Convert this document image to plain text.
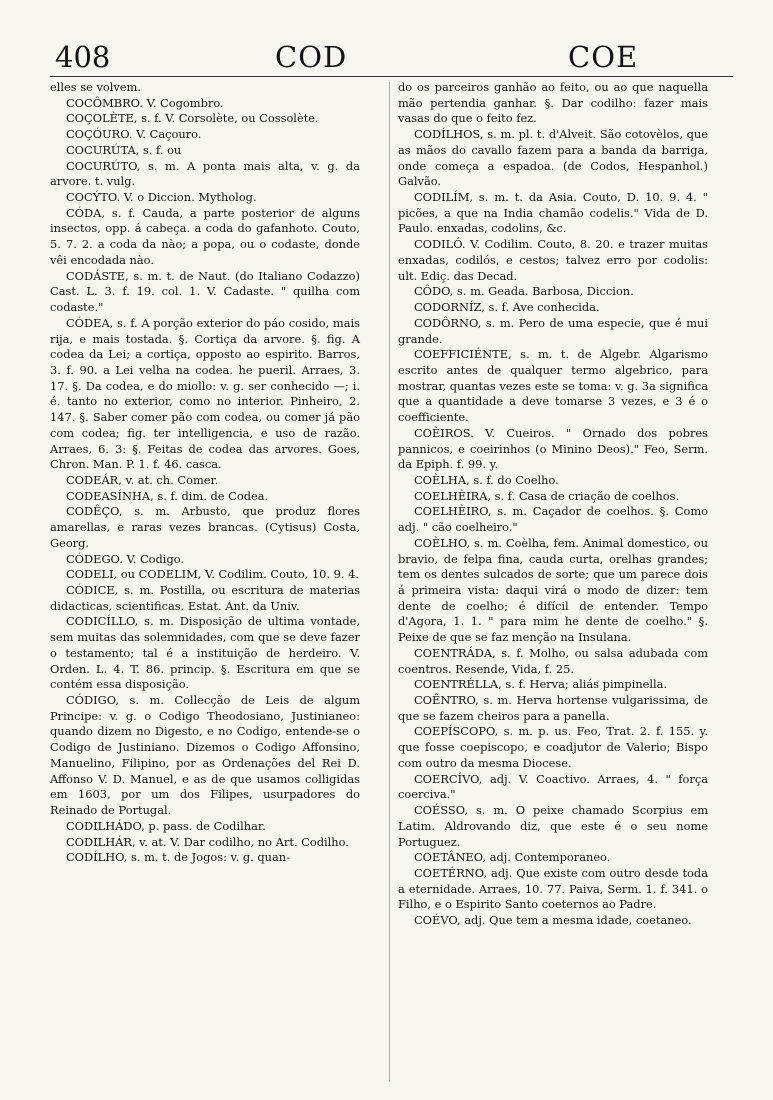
408	COD	COE

elles se volvem.

COCÔMBRO. V. Cogombro.

COÇOLÈTE, s. f. V. Corsolète, ou Cossolète.

COÇÓURO. V. Caçouro.

COCURÚTA, s. f. ou

COCURÚTO, s. m. A ponta mais alta, v. g. da arvore. t. vulg.

COCÝTO. V. o Diccion. Mytholog.

CÓDA, s. f. Cauda, a parte posterior de alguns insectos, opp. á cabeça. a coda do gafanhoto. Couto, 5. 7. 2. a coda da nào; a popa, ou o codaste, donde vêi encodada nào.

CODÁSTE, s. m. t. de Naut. (do Italiano Codazzo) Cast. L. 3. f. 19. col. 1. V. Cadaste. " quilha com codaste."

CÓDEA, s. f. A porção exterior do páo cosido, mais rija, e mais tostada. §. Cortiça da arvore. §. fig. A codea da Lei; a cortiça, opposto ao espirito. Barros, 3. f. 90. a Lei velha na codea. he pueril. Arraes, 3. 17. §. Da codea, e do miollo: v. g. ser conhecido —; i. é. tanto no exterior, como no interior. Pinheiro, 2. 147. §. Saber comer pão com codea, ou comer já pão com codea; fig. ter intelligencia, e uso de razão. Arraes, 6. 3: §. Feitas de codea das arvores. Goes, Chron. Man. P. 1. f. 46. casca.

CODEÁR, v. at. ch. Comer.

CODEASÍNHA, s. f. dim. de Codea.

CODÊÇO, s. m. Arbusto, que produz flores amarellas, e raras vezes brancas. (Cytisus) Costa, Georg.

CÓDEGO. V. Codigo.

CODELI, ou CODELIM, V. Codilim. Couto, 10. 9. 4.

CÓDICE, s. m. Postilla, ou escritura de materias didacticas, scientificas. Estat. Ant. da Univ.

CODICÍLLO, s. m. Disposição de ultima vontade, sem muitas das solemnidades, com que se deve fazer o testamento; tal é a instituição de herdeiro. V. Orden. L. 4. T. 86. princip. §. Escritura em que se contém essa disposição.

CÓDIGO, s. m. Collecção de Leis de algum Principe: v. g. o Codigo Theodosiano, Justinianeo: quando dizem no Digesto, e no Codigo, entende-se o Codigo de Justiniano. Dizemos o Codigo Affonsino, Manuelino, Filipino, por as Ordenações del Rei D. Affonso V. D. Manuel, e as de que usamos colligidas em 1603, por um dos Filipes, usurpadores do Reinado de Portugal.

CODILHÁDO, p. pass. de Codilhar.

CODILHÁR, v. at. V. Dar codilho, no Art. Codilho.

CODÍLHO, s. m. t. de Jogos: v. g. quan-

do os parceiros ganhão ao feito, ou ao que naquella mão pertendia ganhar. §. Dar codilho: fazer mais vasas do que o feito fez.

CODÍLHOS, s. m. pl. t. d'Alveit. São cotovèlos, que as mãos do cavallo fazem para a banda da barriga, onde começa a espadoa. (de Codos, Hespanhol.) Galvão.

CODILÍM, s. m. t. da Asia. Couto, D. 10. 9. 4. " picões, a que na India chamão codelis." Vida de D. Paulo. enxadas, codolins, &c.

CODILÓ. V. Codilim. Couto, 8. 20. e trazer muitas enxadas, codilós, e cestos; talvez erro por codolis: ult. Ediç. das Decad.

CÔDO, s. m. Geada. Barbosa, Diccion.

CODORNÍZ, s. f. Ave conhecida.

CODÔRNO, s. m. Pero de uma especie, que é mui grande.

COEFFICIÉNTE, s. m. t. de Algebr. Algarismo escrito antes de qualquer termo algebrico, para mostrar, quantas vezes este se toma: v. g. 3a significa que a quantidade a deve tomarse 3 vezes, e 3 é o coefficiente.

COÈIROS. V. Cueiros. " Ornado dos pobres pannicos, e coeirinhos (o Minino Deos)." Feo, Serm. da Epiph. f. 99. y.

COÈLHA, s. f. do Coelho.

COELHÈIRA, s. f. Casa de criação de coelhos.

COELHÈIRO, s. m. Caçador de coelhos. §. Como adj. " cão coelheiro."

COÈLHO, s. m. Coèlha, fem. Animal domestico, ou bravio, de felpa fina, cauda curta, orelhas grandes; tem os dentes sulcados de sorte; que um parece dois á primeira vista: daqui virá o modo de dizer: tem dente de coelho; é difícil de entender. Tempo d'Agora, 1. 1. " para mim he dente de coelho." §. Peixe de que se faz menção na Insulana.

COENTRÁDA, s. f. Molho, ou salsa adubada com coentros. Resende, Vida, f. 25.

COENTRÉLLA, s. f. Herva; aliás pimpinella.

COÊNTRO, s. m. Herva hortense vulgarissima, de que se fazem cheiros para a panella.

COEPÍSCOPO, s. m. p. us. Feo, Trat. 2. f. 155. y. que fosse coepiscopo, e coadjutor de Valerio; Bispo com outro da mesma Diocese.

COERCÍVO, adj. V. Coactivo. Arraes, 4. " força coerciva."

COÉSSO, s. m. O peixe chamado Scorpius em Latim. Aldrovando diz, que este é o seu nome Portuguez.

COETÂNEO, adj. Contemporaneo.

COETÉRNO, adj. Que existe com outro desde toda a eternidade. Arraes, 10. 77. Paiva, Serm. 1. f. 341. o Filho, e o Espirito Santo coeternos ao Padre.

COÉVO, adj. Que tem a mesma idade, coetaneo.
